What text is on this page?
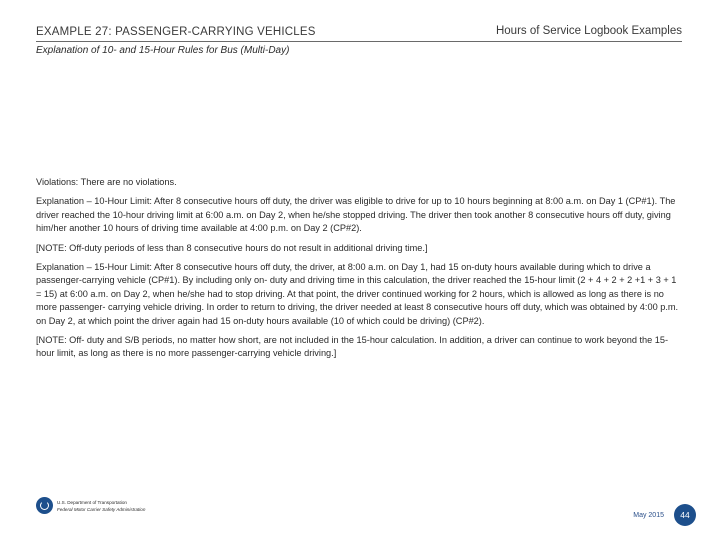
EXAMPLE 27: PASSENGER-CARRYING VEHICLES	Hours of Service Logbook Examples
Explanation of 10- and 15-Hour Rules for Bus (Multi-Day)

Violations: There are no violations.

Explanation – 10-Hour Limit: After 8 consecutive hours off duty, the driver was eligible to drive for up to 10 hours beginning at 8:00 a.m. on Day 1 (CP#1). The driver reached the 10-hour driving limit at 6:00 a.m. on Day 2, when he/she stopped driving. The driver then took another 8 consecutive hours off duty, giving him/her another 10 hours of driving time available at 4:00 p.m. on Day 2 (CP#2).

[NOTE: Off-duty periods of less than 8 consecutive hours do not result in additional driving time.]

Explanation – 15-Hour Limit: After 8 consecutive hours off duty, the driver, at 8:00 a.m. on Day 1, had 15 on-duty hours available during which to drive a passenger-carrying vehicle (CP#1). By including only on- duty and driving time in this calculation, the driver reached the 15-hour limit (2 + 4 + 2 + 2 +1 + 3 + 1 = 15) at 6:00 a.m. on Day 2, when he/she had to stop driving. At that point, the driver continued working for 2 hours, which is allowed as long as there is no more passenger- carrying vehicle driving. In order to return to driving, the driver needed at least 8 consecutive hours off duty, which was obtained by 4:00 p.m. on Day 2, at which point the driver again had 15 on-duty hours available (10 of which could be driving) (CP#2).

[NOTE: Off- duty and S/B periods, no matter how short, are not included in the 15-hour calculation. In addition, a driver can continue to work beyond the 15-hour limit, as long as there is no more passenger-carrying vehicle driving.]

U.S. Department of Transportation
Federal Motor Carrier Safety Administration
May 2015	44
